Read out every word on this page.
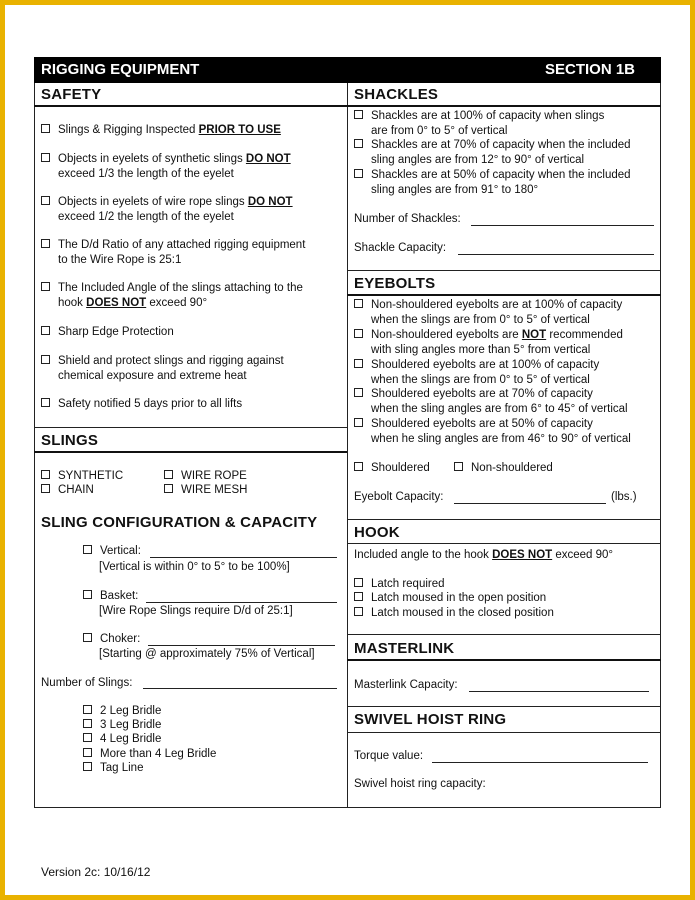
RIGGING EQUIPMENT	SECTION 1B
SAFETY
Slings & Rigging Inspected PRIOR TO USE
Objects in eyelets of synthetic slings DO NOT
exceed 1/3 the length of the eyelet
Objects in eyelets of wire rope slings DO NOT
exceed 1/2 the length of the eyelet
The D/d Ratio of any attached rigging equipment
to the Wire Rope is 25:1
The Included Angle of the slings attaching to the
hook DOES NOT exceed 90°
Sharp Edge Protection
Shield and protect slings and rigging against
chemical exposure and extreme heat
Safety notified 5 days prior to all lifts
SLINGS
SYNTHETIC	WIRE ROPE
CHAIN	WIRE MESH
SLING CONFIGURATION & CAPACITY
Vertical:
[Vertical is within 0° to 5° to be 100%]
Basket:
[Wire Rope Slings require D/d of 25:1]
Choker:
[Starting @ approximately 75% of Vertical]
Number of Slings:
2 Leg Bridle
3 Leg Bridle
4 Leg Bridle
More than 4 Leg Bridle
Tag Line
SHACKLES
Shackles are at 100% of capacity when slings
are from 0° to 5° of vertical
Shackles are at 70% of capacity when the included
sling angles are from 12° to 90° of vertical
Shackles are at 50% of capacity when the included
sling angles are from 91° to 180°
Number of Shackles:
Shackle Capacity:
EYEBOLTS
Non-shouldered eyebolts are at 100% of capacity
when the slings are from 0° to 5° of vertical
Non-shouldered eyebolts are NOT recommended
with sling angles more than 5° from vertical
Shouldered eyebolts are at 100% of capacity
when the slings are from 0° to 5° of vertical
Shouldered eyebolts are at 70% of capacity
when the sling angles are from 6° to 45° of vertical
Shouldered eyebolts are at 50% of capacity
when he sling angles are from 46° to 90° of vertical
Shouldered	Non-shouldered
Eyebolt Capacity:	(lbs.)
HOOK
Included angle to the hook DOES NOT exceed 90°
Latch required
Latch moused in the open position
Latch moused in the closed position
MASTERLINK
Masterlink Capacity:
SWIVEL HOIST RING
Torque value:
Swivel hoist ring capacity:
Version 2c: 10/16/12
